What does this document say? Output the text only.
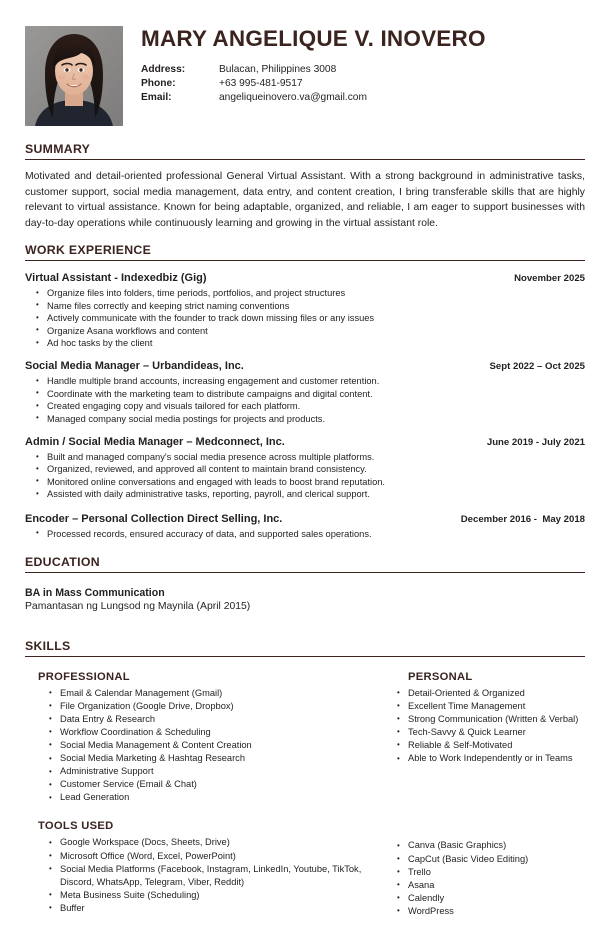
MARY ANGELIQUE V. INOVERO
Address:	Bulacan, Philippines 3008
Phone:	+63 995-481-9517
Email:	angeliqueinovero.va@gmail.com
SUMMARY

Motivated and detail-oriented professional General Virtual Assistant. With a strong background in administrative tasks, customer support, social media management, data entry, and content creation, I bring transferable skills that are highly relevant to virtual assistance. Known for being adaptable, organized, and reliable, I am eager to support businesses with day-to-day operations while continuously learning and growing in the virtual assistant role.

WORK EXPERIENCE
Virtual Assistant - Indexedbiz (Gig)	November 2025
• Organize files into folders, time periods, portfolios, and project structures
• Name files correctly and keeping strict naming conventions
• Actively communicate with the founder to track down missing files or any issues
• Organize Asana workflows and content
• Ad hoc tasks by the client
Social Media Manager – Urbandideas, Inc.	Sept 2022 – Oct 2025
• Handle multiple brand accounts, increasing engagement and customer retention.
• Coordinate with the marketing team to distribute campaigns and digital content.
• Created engaging copy and visuals tailored for each platform.
• Managed company social media postings for projects and products.
Admin / Social Media Manager – Medconnect, Inc.	June 2019 - July 2021
• Built and managed company's social media presence across multiple platforms.
• Organized, reviewed, and approved all content to maintain brand consistency.
• Monitored online conversations and engaged with leads to boost brand reputation.
• Assisted with daily administrative tasks, reporting, payroll, and clerical support.
Encoder – Personal Collection Direct Selling, Inc.	December 2016 -  May 2018
• Processed records, ensured accuracy of data, and supported sales operations.
EDUCATION
BA in Mass Communication
Pamantasan ng Lungsod ng Maynila (April 2015)
SKILLS
PROFESSIONAL
• Email & Calendar Management (Gmail)
• File Organization (Google Drive, Dropbox)
• Data Entry & Research
• Workflow Coordination & Scheduling
• Social Media Management & Content Creation
• Social Media Marketing & Hashtag Research
• Administrative Support
• Customer Service (Email & Chat)
• Lead Generation
PERSONAL
• Detail-Oriented & Organized
• Excellent Time Management
• Strong Communication (Written & Verbal)
• Tech-Savvy & Quick Learner
• Reliable & Self-Motivated
• Able to Work Independently or in Teams
TOOLS USED
• Google Workspace (Docs, Sheets, Drive)
• Microsoft Office (Word, Excel, PowerPoint)
• Social Media Platforms (Facebook, Instagram, LinkedIn, Youtube, TikTok, Discord, WhatsApp, Telegram, Viber, Reddit)
• Meta Business Suite (Scheduling)
• Buffer
• Canva (Basic Graphics)
• CapCut (Basic Video Editing)
• Trello
• Asana
• Calendly
• WordPress
